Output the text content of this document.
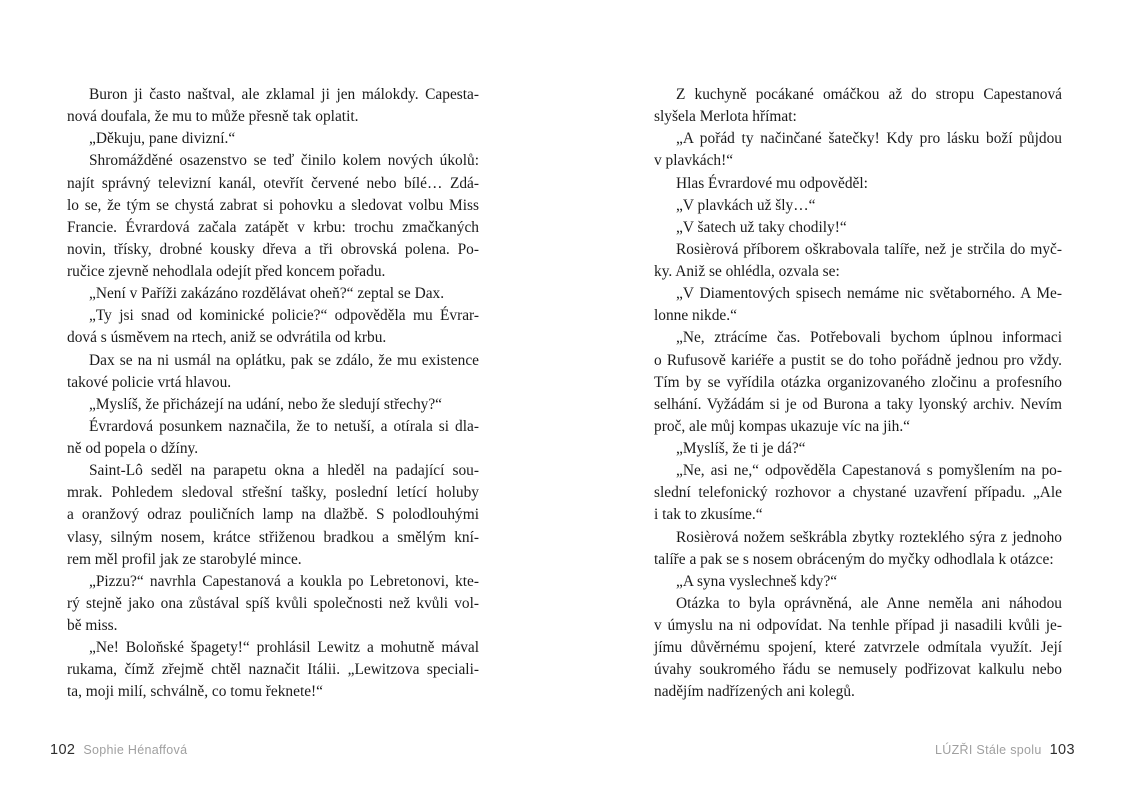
Buron ji často naštval, ale zklamal ji jen málokdy. Capesta-
nová doufala, že mu to může přesně tak oplatit.
„Děkuju, pane divizní.“
Shromážděné osazenstvo se teď činilo kolem nových úkolů:
najít správný televizní kanál, otevřít červené nebo bílé… Zdá-
lo se, že tým se chystá zabrat si pohovku a sledovat volbu Miss
Francie. Évrardová začala zatápět v krbu: trochu zmačkaných
novin, třísky, drobné kousky dřeva a tři obrovská polena. Po-
ručice zjevně nehodlala odejít před koncem pořadu.
„Není v Paříži zakázáno rozdělávat oheň?“ zeptal se Dax.
„Ty jsi snad od kominické policie?“ odpověděla mu Évrar-
dová s úsměvem na rtech, aniž se odvrátila od krbu.
Dax se na ni usmál na oplátku, pak se zdálo, že mu existence
takové policie vrtá hlavou.
„Myslíš, že přicházejí na udání, nebo že sledují střechy?“
Évrardová posunkem naznačila, že to netuší, a otírala si dla-
ně od popela o džíny.
Saint-Lô seděl na parapetu okna a hleděl na padající sou-
mrak. Pohledem sledoval střešní tašky, poslední letící holuby
a oranžový odraz pouličních lamp na dlažbě. S polodlouhými
vlasy, silným nosem, krátce střiženou bradkou a smělým kní-
rem měl profil jak ze starobylé mince.
„Pizzu?“ navrhla Capestanová a koukla po Lebretonovi, kte-
rý stejně jako ona zůstával spíš kvůli společnosti než kvůli vol-
bě miss.
„Ne! Boloňské špagety!“ prohlásil Lewitz a mohutně mával
rukama, čímž zřejmě chtěl naznačit Itálii. „Lewitzova speciali-
ta, moji milí, schválně, co tomu řeknete!“
Z kuchyně pocákané omáčkou až do stropu Capestanová
slyšela Merlota hřímat:
„A pořád ty načinčané šatečky! Kdy pro lásku boží půjdou
v plavkách!“
Hlas Évrardové mu odpověděl:
„V plavkách už šly…“
„V šatech už taky chodily!“
Rosièrová příborem oškrabovala talíře, než je strčila do myč-
ky. Aniž se ohlédla, ozvala se:
„V Diamentových spisech nemáme nic světaborného. A Me-
lonne nikde.“
„Ne, ztrácíme čas. Potřebovali bychom úplnou informaci
o Rufusově kariéře a pustit se do toho pořádně jednou pro vždy.
Tím by se vyřídila otázka organizovaného zločinu a profesního
selhání. Vyžádám si je od Burona a taky lyonský archiv. Nevím
proč, ale můj kompas ukazuje víc na jih.“
„Myslíš, že ti je dá?“
„Ne, asi ne,“ odpověděla Capestanová s pomyšlením na po-
slední telefonický rozhovor a chystané uzavření případu. „Ale
i tak to zkusíme.“
Rosièrová nožem seškrábla zbytky rozteklého sýra z jednoho
talíře a pak se s nosem obráceným do myčky odhodlala k otázce:
„A syna vyslechneš kdy?“
Otázka to byla oprávněná, ale Anne neměla ani náhodou
v úmyslu na ni odpovídat. Na tenhle případ ji nasadili kvůli je-
jímu důvěrnému spojení, které zatvrzele odmítala využít. Její
úvahy soukromého řádu se nemusely podřizovat kalkulu nebo
nadějím nadřízených ani kolegů.
102 Sophie Hénaffová	LÚZŘI Stále spolu 103
